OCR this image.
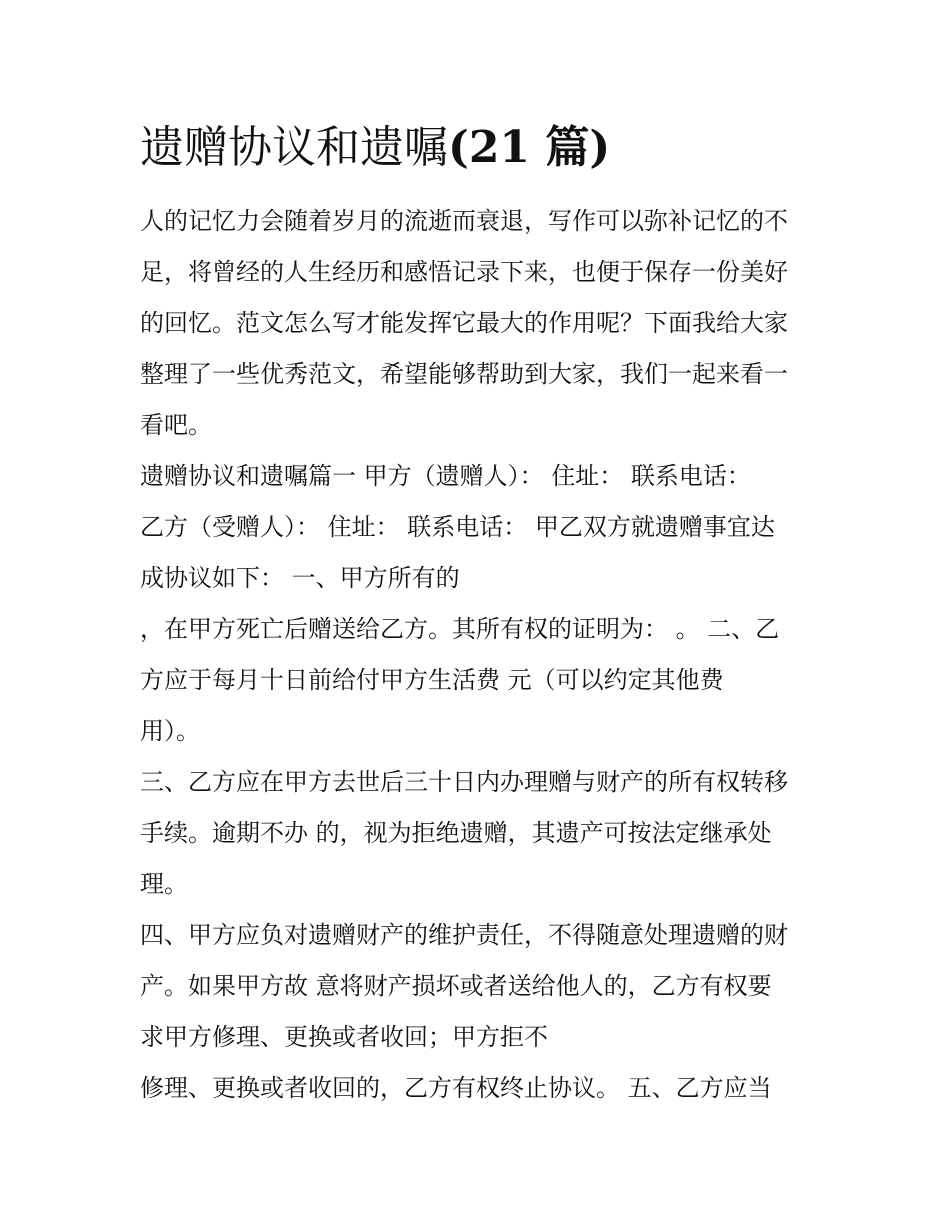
遗赠协议和遗嘱(21 篇)

人的记忆力会随着岁月的流逝而衰退，写作可以弥补记忆的不

足，将曾经的人生经历和感悟记录下来，也便于保存一份美好

的回忆。范文怎么写才能发挥它最大的作用呢？下面我给大家

整理了一些优秀范文，希望能够帮助到大家，我们一起来看一

看吧。

遗赠协议和遗嘱篇一 甲方（遗赠人）： 住址： 联系电话：

乙方（受赠人）： 住址： 联系电话： 甲乙双方就遗赠事宜达

成协议如下： 一、甲方所有的

，在甲方死亡后赠送给乙方。其所有权的证明为： 。 二、乙

方应于每月十日前给付甲方生活费 元（可以约定其他费

用）。

三、乙方应在甲方去世后三十日内办理赠与财产的所有权转移

手续。逾期不办 的，视为拒绝遗赠，其遗产可按法定继承处

理。

四、甲方应负对遗赠财产的维护责任，不得随意处理遗赠的财

产。如果甲方故 意将财产损坏或者送给他人的，乙方有权要

求甲方修理、更换或者收回；甲方拒不

修理、更换或者收回的，乙方有权终止协议。 五、乙方应当
